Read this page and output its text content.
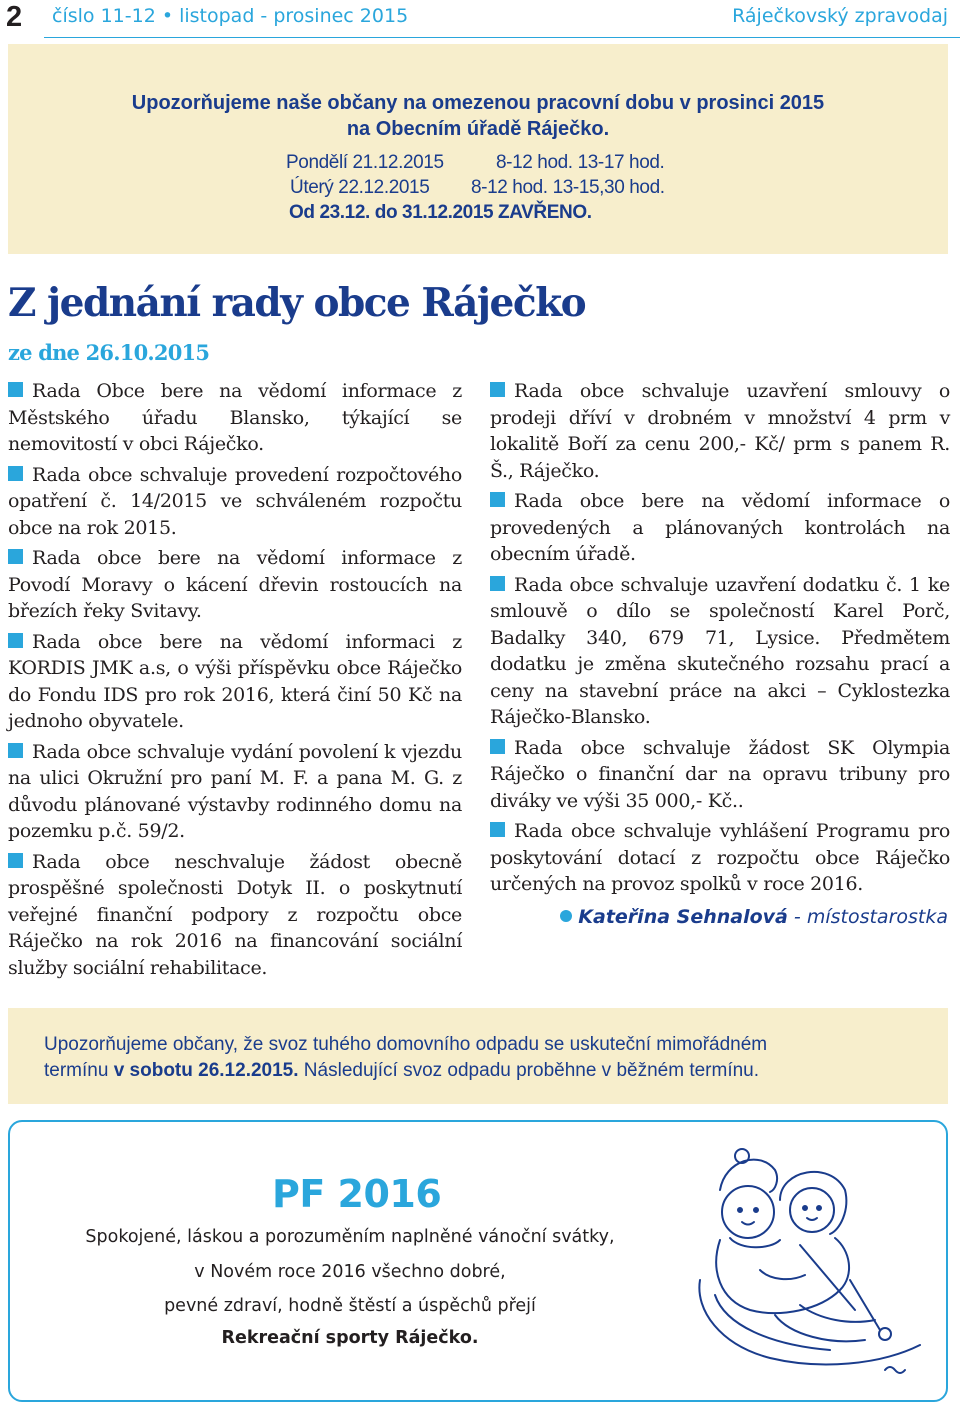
2 číslo 11-12 • listopad - prosinec 2015	Ráječkovský zpravodaj
Upozorňujeme naše občany na omezenou pracovní dobu v prosinci 2015
na Obecním úřadě Ráječko.
Pondělí 21.12.2015	8-12 hod. 13-17 hod.
Úterý 22.12.2015 8-12 hod. 13-15,30 hod.
Od 23.12. do 31.12.2015 ZAVŘENO.
Z jednání rady obce Ráječko
ze dne 26.10.2015

Rada Obce bere na vědomí informace z Městského úřadu Blansko, týkající se nemovitostí v obci Ráječko.

Rada obce schvaluje provedení rozpočtového opatření č. 14/2015 ve schváleném rozpočtu obce na rok 2015.

Rada obce bere na vědomí informace z Povodí Moravy o kácení dřevin rostoucích na březích řeky Svitavy.

Rada obce bere na vědomí informaci z KORDIS JMK a.s, o výši příspěvku obce Ráječko do Fondu IDS pro rok 2016, která činí 50 Kč na jednoho obyvatele.

Rada obce schvaluje vydání povolení k vjezdu na ulici Okružní pro paní M. F. a pana M. G. z důvodu plánované výstavby rodinného domu na pozemku p.č. 59/2.

Rada obce neschvaluje žádost obecně prospěšné společnosti Dotyk II. o poskytnutí veřejné finanční podpory z rozpočtu obce Ráječko na rok 2016 na financování sociální služby sociální rehabilitace.

Rada obce schvaluje uzavření smlouvy o prodeji dříví v drobném v množství 4 prm v lokalitě Boří za cenu 200,- Kč/ prm s panem R. Š., Ráječko.

Rada obce bere na vědomí informace o provedených a plánovaných kontrolách na obecním úřadě.

Rada obce schvaluje uzavření dodatku č. 1 ke smlouvě o dílo se společností Karel Porč, Badalky 340, 679 71, Lysice. Předmětem dodatku je změna skutečného rozsahu prací a ceny na stavební práce na akci – Cyklostezka Ráječko-Blansko.

Rada obce schvaluje žádost SK Olympia Ráječko o finanční dar na opravu tribuny pro diváky ve výši 35 000,- Kč..

Rada obce schvaluje vyhlášení Programu pro poskytování dotací z rozpočtu obce Ráječko určených na provoz spolků v roce 2016.

Kateřina Sehnalová - místostarostka
Upozorňujeme občany, že svoz tuhého domovního odpadu se uskuteční mimořádném
termínu v sobotu 26.12.2015. Následující svoz odpadu proběhne v běžném termínu.
PF 2016
Spokojené, láskou a porozuměním naplněné vánoční svátky,
v Novém roce 2016 všechno dobré,
pevné zdraví, hodně štěstí a úspěchů přejí
Rekreační sporty Ráječko.
